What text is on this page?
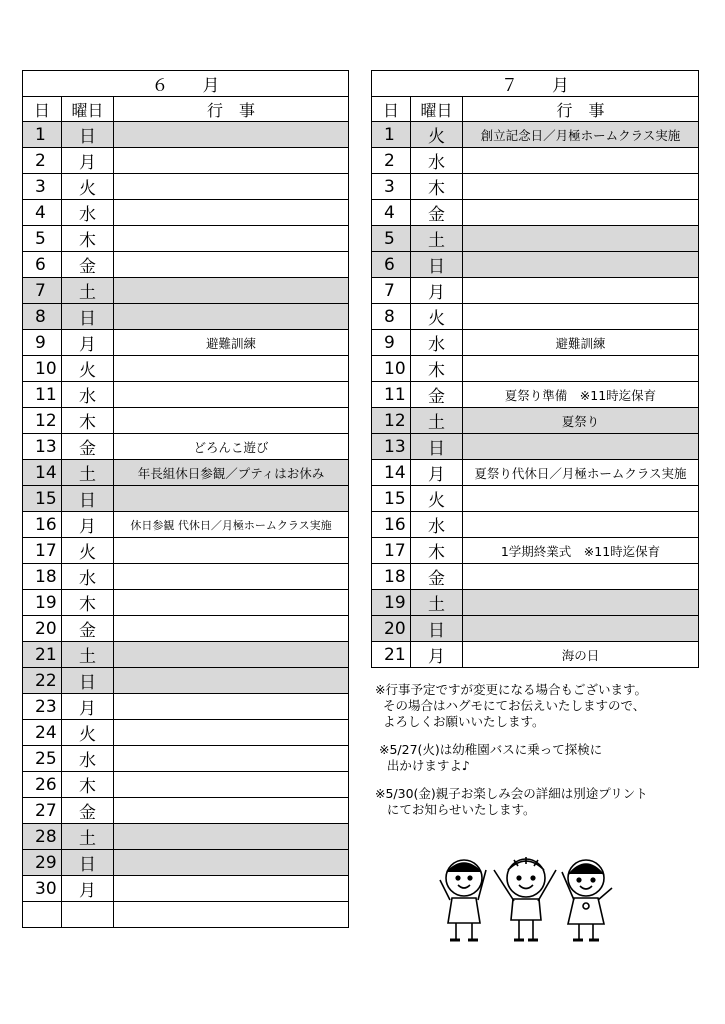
６　　月		
日	曜日	行　事
1	日	
2	月	
3	火	
4	水	
5	木	
6	金	
7	土	
8	日	
9	月	避難訓練
10	火	
11	水	
12	木	
13	金	どろんこ遊び
14	土	年長組休日参観／プティはお休み
15	日	
16	月	休日参観 代休日／月極ホームクラス実施
17	火	
18	水	
19	木	
20	金	
21	土	
22	日	
23	月	
24	火	
25	水	
26	木	
27	金	
28	土	
29	日	
30	月	

７　　月		
日	曜日	行　事
1	火	創立記念日／月極ホームクラス実施
2	水	
3	木	
4	金	
5	土	
6	日	
7	月	
8	火	
9	水	避難訓練
10	木	
11	金	夏祭り準備　※11時迄保育
12	土	夏祭り
13	日	
14	月	夏祭り代休日／月極ホームクラス実施
15	火	
16	水	
17	木	1学期終業式　※11時迄保育
18	金	
19	土	
20	日	
21	月	海の日

※行事予定ですが変更になる場合もございます。
その場合はハグモにてお伝えいたしますので、
よろしくお願いいたします。

※5/27(火)は幼稚園バスに乗って探検に
出かけますよ♪

※5/30(金)親子お楽しみ会の詳細は別途プリント
にてお知らせいたします。
